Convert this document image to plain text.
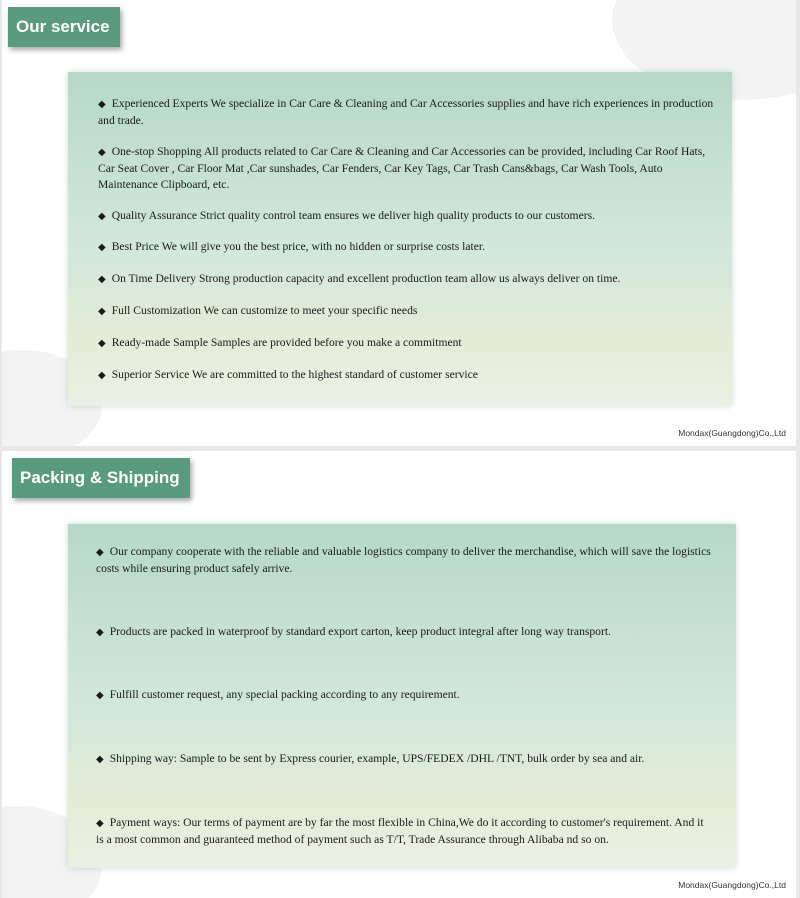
Our service
◆ Experienced Experts We specialize in Car Care & Cleaning and Car Accessories supplies and have rich experiences in production and trade.
◆ One-stop Shopping All products related to Car Care & Cleaning and Car Accessories can be provided, including Car Roof Hats, Car Seat Cover , Car Floor Mat ,Car sunshades, Car Fenders, Car Key Tags, Car Trash Cans&bags, Car Wash Tools, Auto Maintenance Clipboard, etc.
◆ Quality Assurance Strict quality control team ensures we deliver high quality products to our customers.
◆ Best Price We will give you the best price, with no hidden or surprise costs later.
◆ On Time Delivery Strong production capacity and excellent production team allow us always deliver on time.
◆ Full Customization We can customize to meet your specific needs
◆ Ready-made Sample Samples are provided before you make a commitment
◆ Superior Service We are committed to the highest standard of customer service
Mondax(Guangdong)Co.,Ltd
Packing & Shipping
◆ Our company cooperate with the reliable and valuable logistics company to deliver the merchandise, which will save the logistics costs while ensuring product safely arrive.
◆ Products are packed in waterproof by standard export carton, keep product integral after long way transport.
◆ Fulfill customer request, any special packing according to any requirement.
◆ Shipping way: Sample to be sent by Express courier, example, UPS/FEDEX /DHL /TNT, bulk order by sea and air.
◆ Payment ways: Our terms of payment are by far the most flexible in China,We do it according to customer's requirement. And it is a most common and guaranteed method of payment such as T/T, Trade Assurance through Alibaba nd so on.
Mondax(Guangdong)Co.,Ltd
